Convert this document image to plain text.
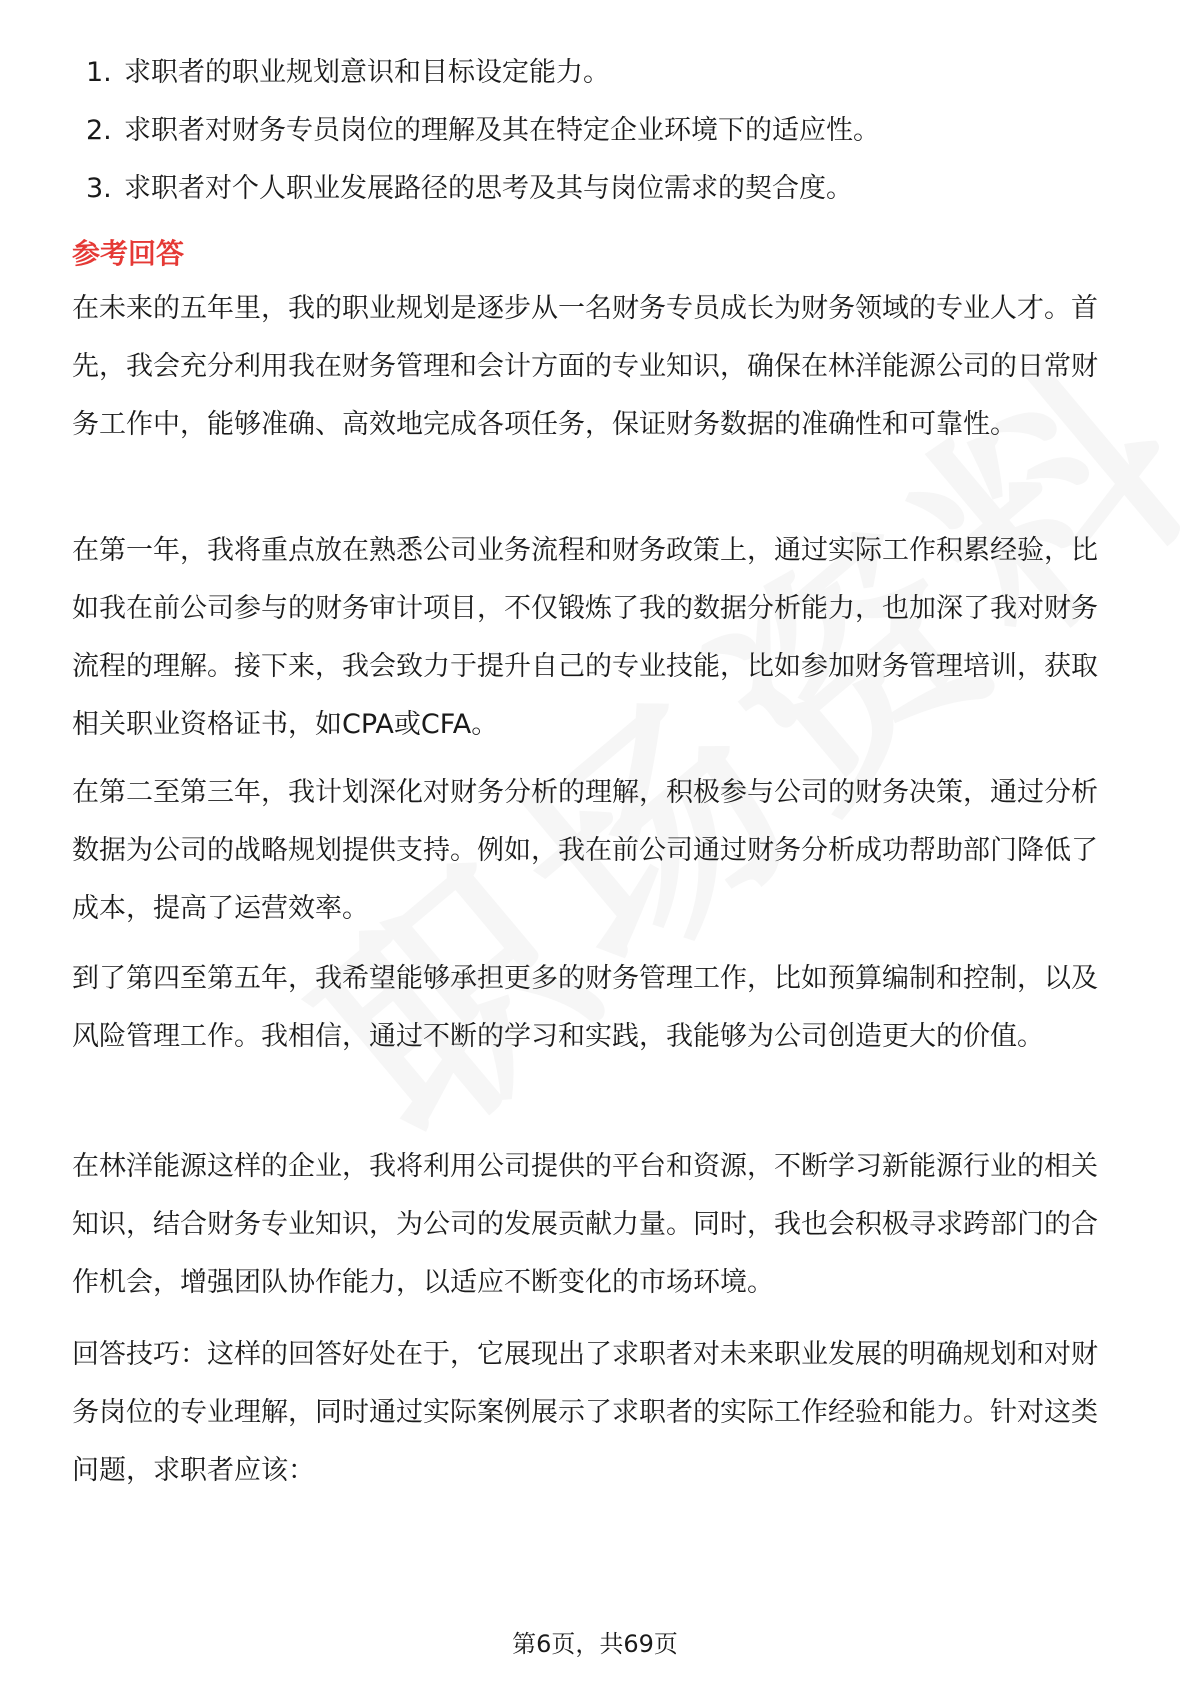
1. 求职者的职业规划意识和目标设定能力。
2. 求职者对财务专员岗位的理解及其在特定企业环境下的适应性。
3. 求职者对个人职业发展路径的思考及其与岗位需求的契合度。
参考回答

在未来的五年里，我的职业规划是逐步从一名财务专员成长为财务领域的专业人才。首先，我会充分利用我在财务管理和会计方面的专业知识，确保在林洋能源公司的日常财务工作中，能够准确、高效地完成各项任务，保证财务数据的准确性和可靠性。

在第一年，我将重点放在熟悉公司业务流程和财务政策上，通过实际工作积累经验，比如我在前公司参与的财务审计项目，不仅锻炼了我的数据分析能力，也加深了我对财务流程的理解。接下来，我会致力于提升自己的专业技能，比如参加财务管理培训，获取相关职业资格证书，如CPA或CFA。

在第二至第三年，我计划深化对财务分析的理解，积极参与公司的财务决策，通过分析数据为公司的战略规划提供支持。例如，我在前公司通过财务分析成功帮助部门降低了成本，提高了运营效率。

到了第四至第五年，我希望能够承担更多的财务管理工作，比如预算编制和控制，以及风险管理工作。我相信，通过不断的学习和实践，我能够为公司创造更大的价值。

在林洋能源这样的企业，我将利用公司提供的平台和资源，不断学习新能源行业的相关知识，结合财务专业知识，为公司的发展贡献力量。同时，我也会积极寻求跨部门的合作机会，增强团队协作能力，以适应不断变化的市场环境。

回答技巧：这样的回答好处在于，它展现出了求职者对未来职业发展的明确规划和对财务岗位的专业理解，同时通过实际案例展示了求职者的实际工作经验和能力。针对这类问题，求职者应该：

第6页，共69页
